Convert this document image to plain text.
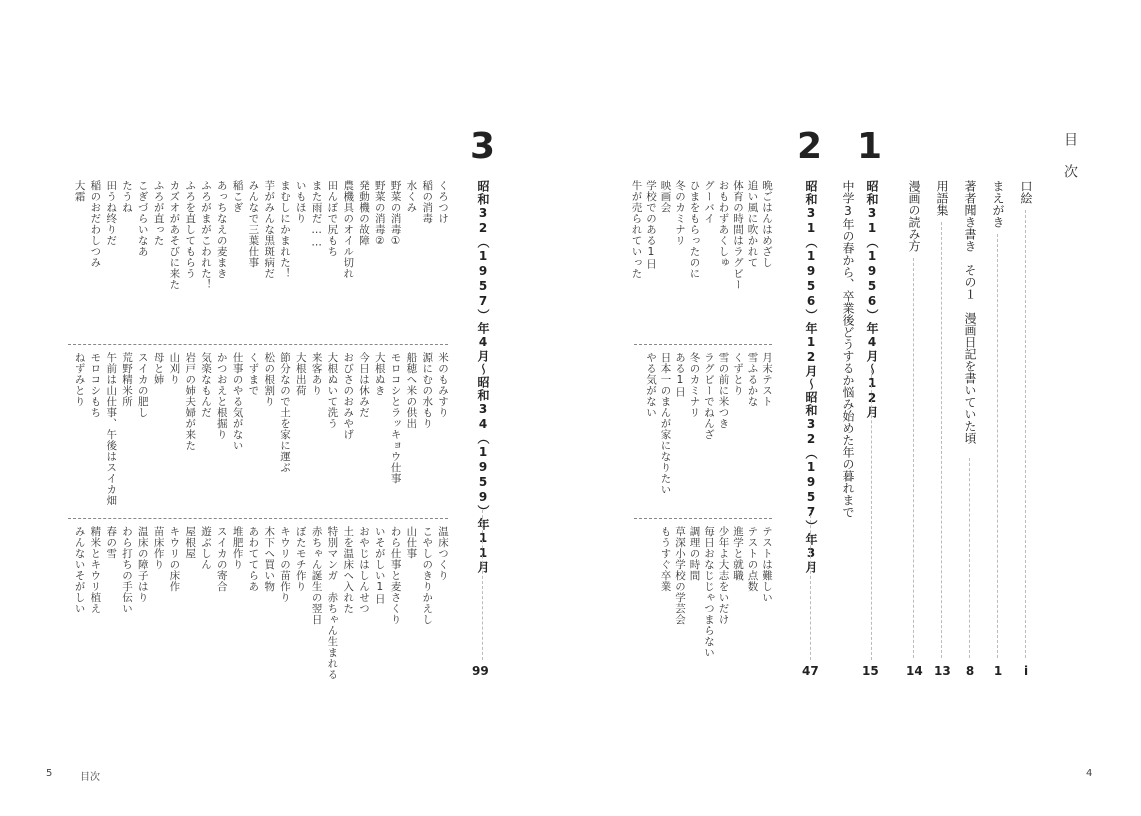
目次
口絵
i
まえがき
1
著者聞き書き　その１　漫画日記を書いていた頃
8
用語集
13
漫画の読み方
14
1
昭和31（1956）年4月〜12月
中学3年の春から、卒業後どうするか悩み始めた年の暮れまで
15
2
昭和31（1956）年12月〜昭和32（1957）年3月
47
晩ごはんはめざし
追い風に吹かれて
体育の時間はラグビー
おもわずあくしゅ
グーバイ
ひまをもらったのに
冬のカミナリ
映画会
学校でのある1日
牛が売られていった
月末テスト
雪ふるかな
くずとり
雪の前に米つき
ラグビーでねんざ
冬のカミナリ
ある1日
日本一のまんが家になりたい
やる気がない
テストは難しい
テストの点数
進学と就職
少年よ大志をいだけ
毎日おなじじゃつまらない
調理の時間
草深小学校の学芸会
もうすぐ卒業
3
昭和32（1957）年4月〜昭和34（1959）年11月
99
くろつけ
稲の消毒
水くみ
野菜の消毒①
野菜の消毒②
発動機の故障
農機具のオイル切れ
田んぼで尻もち
また雨だ……
いもほり
まむしにかまれた！
芋がみんな黒斑病だ
みんなで三葉仕事
稲こぎ
あっちなえの麦まき
ふろがまがこわれた！
ふろを直してもらう
カズオがあそびに来た
ふろが直った
こぎづらいなあ
たうね
田うね终りだ
稲のおだわしつみ
大霜
米のもみすり
源にむの水もり
船穂へ米の供出
モロコシとラッキョウ仕事
大根ぬき
今日は休みだ
おびさのおみやげ
大根ぬいて洗う
来客あり
大根出荷
節分なので土を家に運ぶ
松の根割り
くずまで
仕事のやる気がない
かつおえと根掘り
気楽なもんだ
岩戸の姉夫婦が来た
山刈り
母と姉
スイカの肥し
荒野精米所
午前は山仕事、午後はスイカ畑
モロコシもち
ねずみとり
温床つくり
こやしのきりかえし
山仕事
わら仕事と麦さくり
いそがしい1日
おやじはしんせつ
土を温床へ入れた
特別マンガ　赤ちゃん生まれる
赤ちゃん誕生の翌日
ぼたモチ作り
キウリの苗作り
木下へ買い物
あわててらあ
堆肥作り
スイカの寄合
遊ぶしん
屋根屋
キウリの床作
苗床作り
温床の障子はり
わら打ちの手伝い
春の雪
精米とキウリ植え
みんないそがしい
5	目次	4
